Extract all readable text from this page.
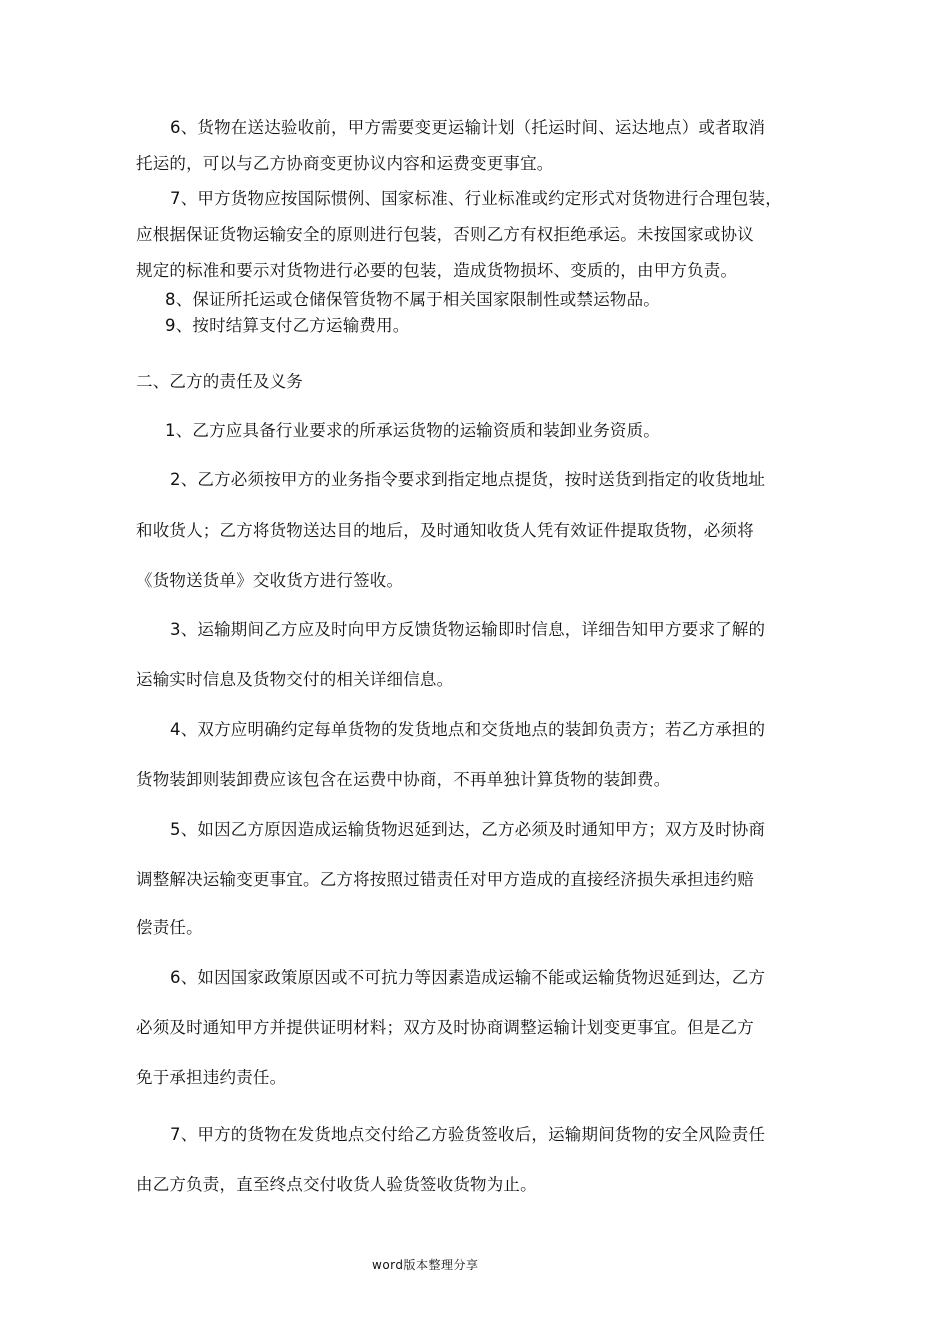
6、货物在送达验收前，甲方需要变更运输计划（托运时间、运达地点）或者取消
托运的，可以与乙方协商变更协议内容和运费变更事宜。
7、甲方货物应按国际惯例、国家标准、行业标准或约定形式对货物进行合理包装，
应根据保证货物运输安全的原则进行包装，否则乙方有权拒绝承运。未按国家或协议
规定的标准和要示对货物进行必要的包装，造成货物损坏、变质的，由甲方负责。
8、保证所托运或仓储保管货物不属于相关国家限制性或禁运物品。
9、按时结算支付乙方运输费用。
二、乙方的责任及义务
1、乙方应具备行业要求的所承运货物的运输资质和装卸业务资质。
2、乙方必须按甲方的业务指令要求到指定地点提货，按时送货到指定的收货地址
和收货人；乙方将货物送达目的地后，及时通知收货人凭有效证件提取货物，必须将
《货物送货单》交收货方进行签收。
3、运输期间乙方应及时向甲方反馈货物运输即时信息，详细告知甲方要求了解的
运输实时信息及货物交付的相关详细信息。
4、双方应明确约定每单货物的发货地点和交货地点的装卸负责方；若乙方承担的
货物装卸则装卸费应该包含在运费中协商，不再单独计算货物的装卸费。
5、如因乙方原因造成运输货物迟延到达，乙方必须及时通知甲方；双方及时协商
调整解决运输变更事宜。乙方将按照过错责任对甲方造成的直接经济损失承担违约赔
偿责任。
6、如因国家政策原因或不可抗力等因素造成运输不能或运输货物迟延到达，乙方
必须及时通知甲方并提供证明材料；双方及时协商调整运输计划变更事宜。但是乙方
免于承担违约责任。
7、甲方的货物在发货地点交付给乙方验货签收后，运输期间货物的安全风险责任
由乙方负责，直至终点交付收货人验货签收货物为止。
word版本整理分享
